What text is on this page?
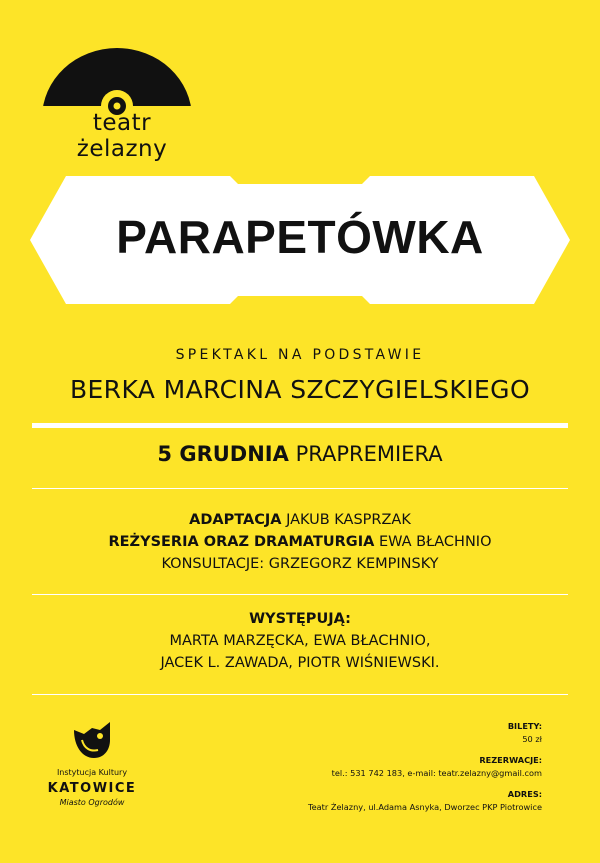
teatr żelazny
PARAPETÓWKA
SPEKTAKL NA PODSTAWIE
BERKA MARCINA SZCZYGIELSKIEGO
5 GRUDNIA PRAPREMIERA
ADAPTACJA JAKUB KASPRZAK
REŻYSERIA ORAZ DRAMATURGIA EWA BŁACHNIO
KONSULTACJE: GRZEGORZ KEMPINSKY
WYSTĘPUJĄ:
MARTA MARZĘCKA, EWA BŁACHNIO,
JACEK L. ZAWADA, PIOTR WIŚNIEWSKI.
Instytucja Kultury
KATOWICE
Miasto Ogrodów
BILETY:
50 zł
REZERWACJE:
tel.: 531 742 183, e-mail: teatr.zelazny@gmail.com
ADRES:
Teatr Żelazny, ul.Adama Asnyka, Dworzec PKP Piotrowice
